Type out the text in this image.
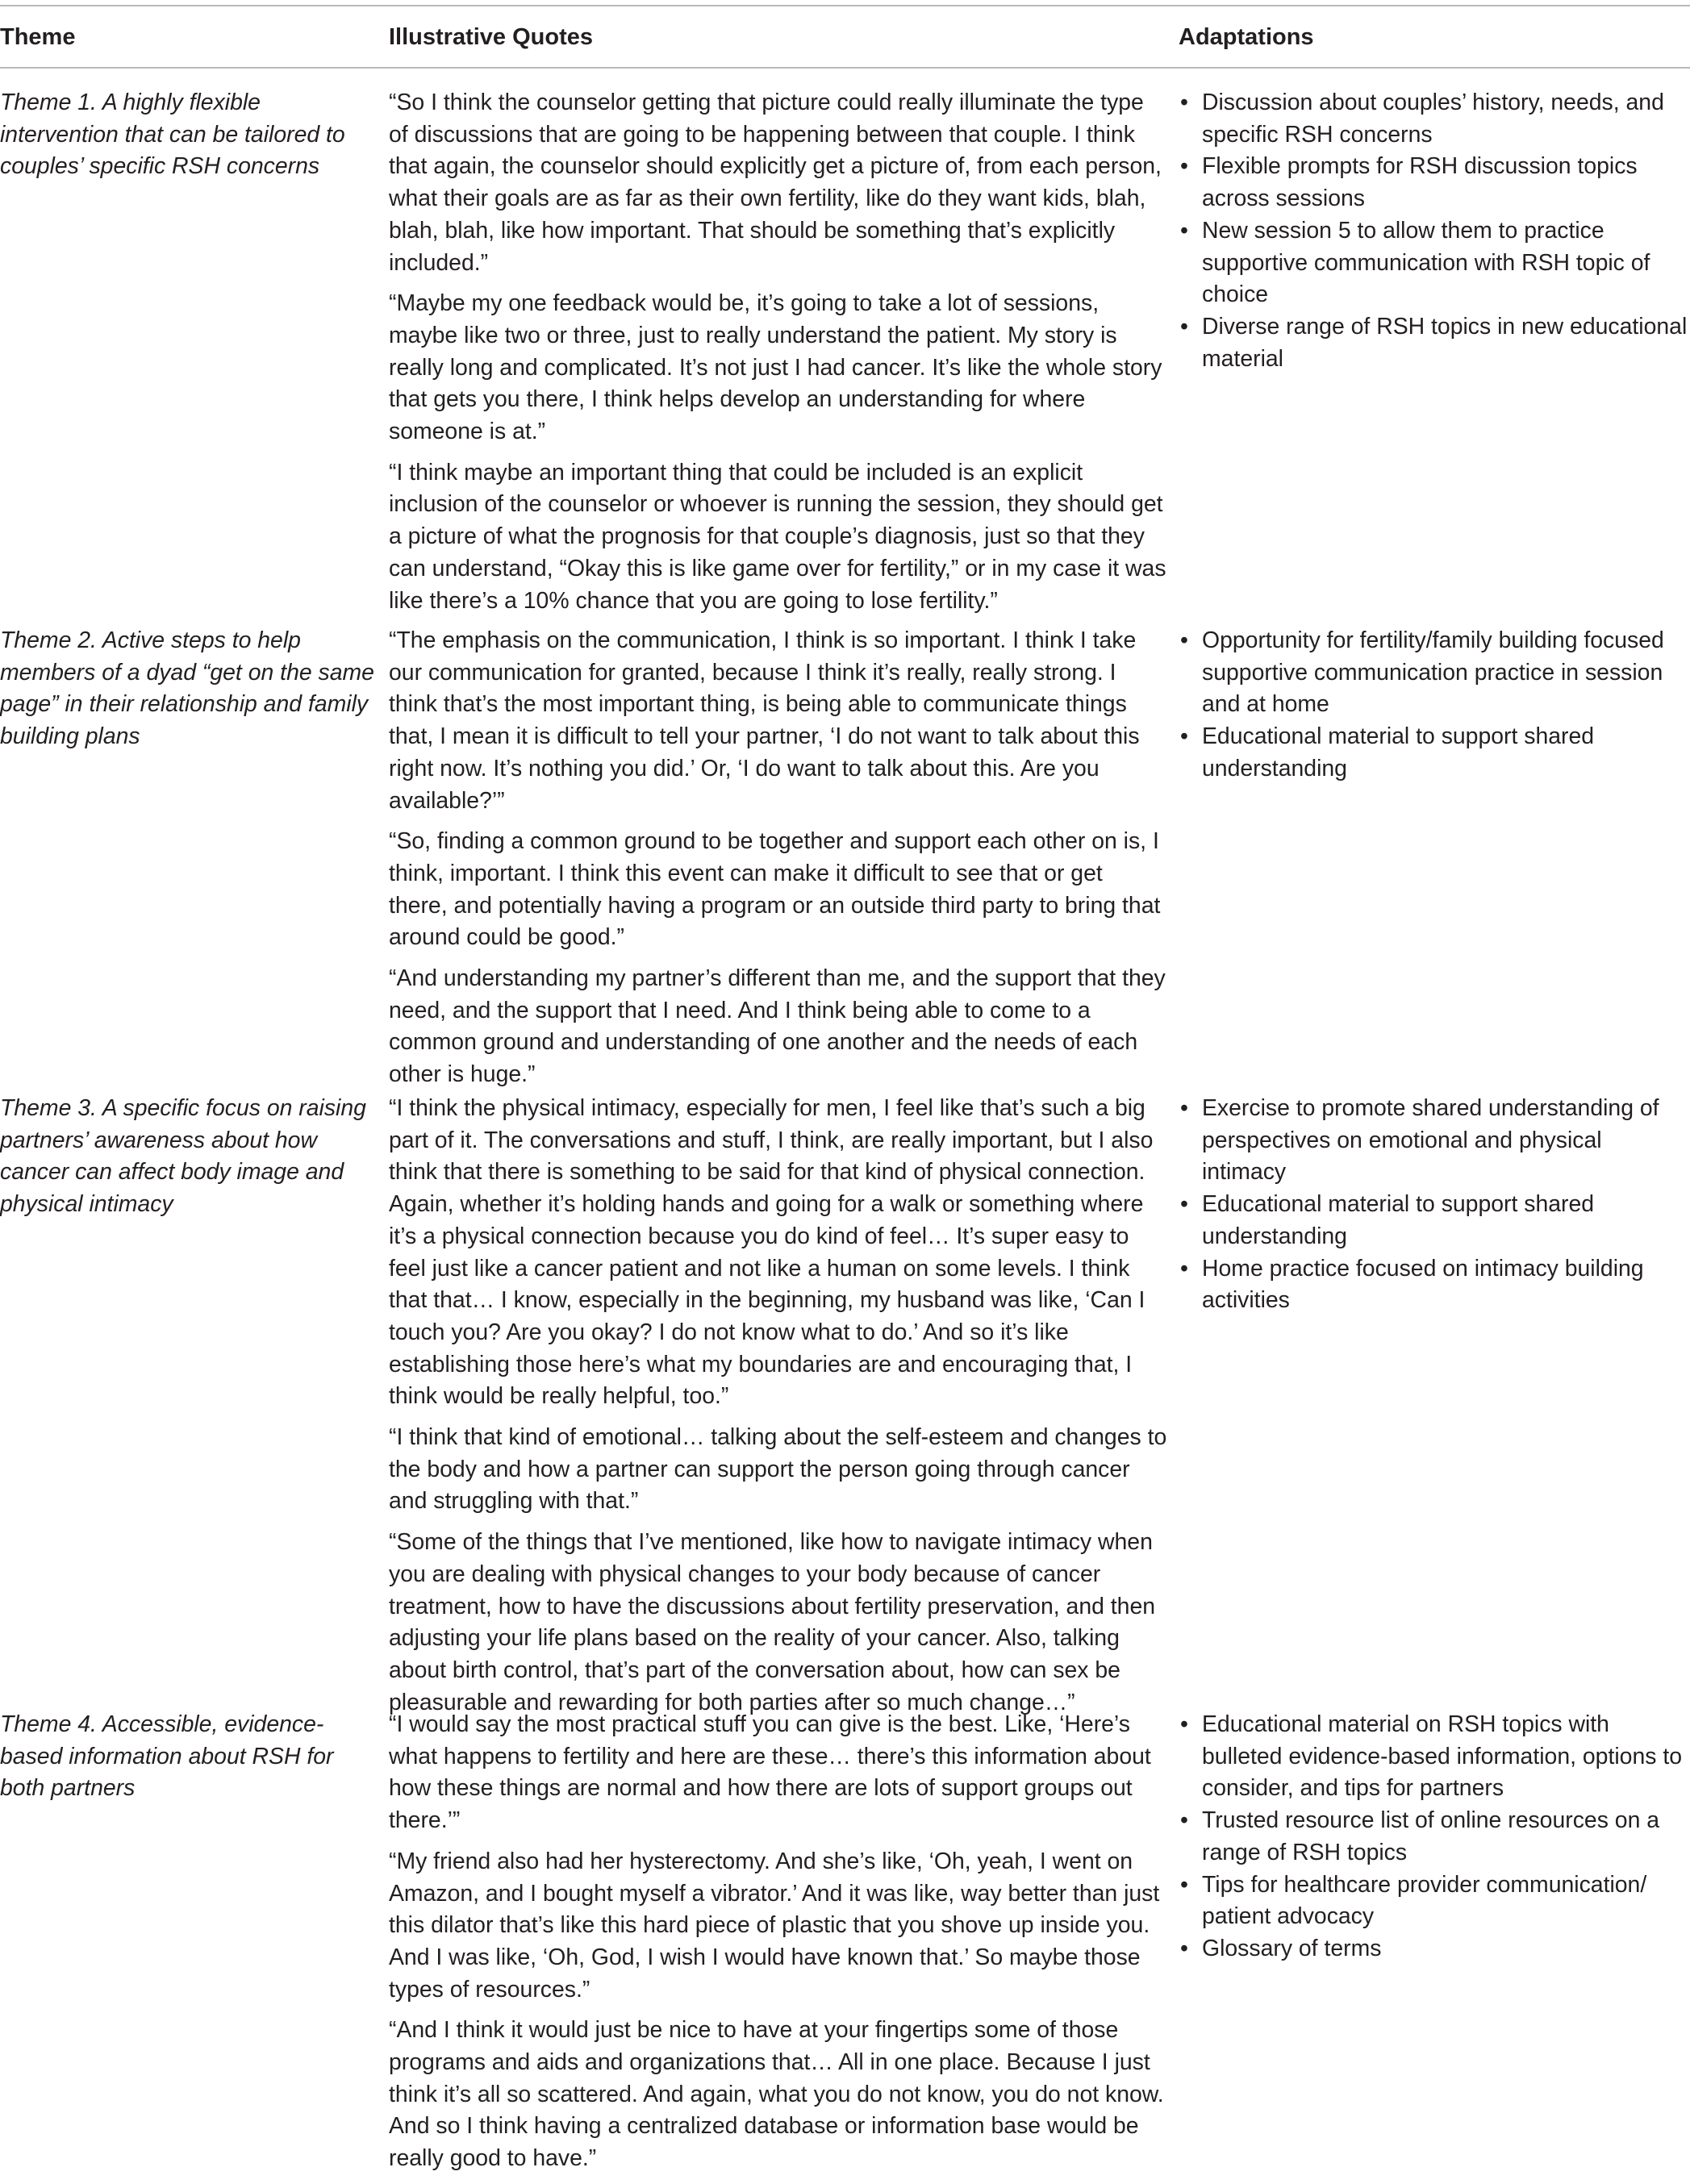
Theme	Illustrative Quotes	Adaptations
Theme 1. A highly flexible intervention that can be tailored to couples’ specific RSH concerns
“So I think the counselor getting that picture could really illuminate the type of discussions that are going to be happening between that couple. I think that again, the counselor should explicitly get a picture of, from each person, what their goals are as far as their own fertility, like do they want kids, blah, blah, blah, like how important. That should be something that’s explicitly included.”
“Maybe my one feedback would be, it’s going to take a lot of sessions, maybe like two or three, just to really understand the patient. My story is really long and complicated. It’s not just I had cancer. It’s like the whole story that gets you there, I think helps develop an understanding for where someone is at.”
“I think maybe an important thing that could be included is an explicit inclusion of the counselor or whoever is running the session, they should get a picture of what the prognosis for that couple’s diagnosis, just so that they can understand, “Okay this is like game over for fertility,” or in my case it was like there’s a 10% chance that you are going to lose fertility.”
• Discussion about couples’ history, needs, and specific RSH concerns
• Flexible prompts for RSH discussion topics across sessions
• New session 5 to allow them to practice supportive communication with RSH topic of choice
• Diverse range of RSH topics in new educational material
Theme 2. Active steps to help members of a dyad “get on the same page” in their relationship and family building plans
“The emphasis on the communication, I think is so important. I think I take our communication for granted, because I think it’s really, really strong. I think that’s the most important thing, is being able to communicate things that, I mean it is difficult to tell your partner, ‘I do not want to talk about this right now. It’s nothing you did.’ Or, ‘I do want to talk about this. Are you available?’”
“So, finding a common ground to be together and support each other on is, I think, important. I think this event can make it difficult to see that or get there, and potentially having a program or an outside third party to bring that around could be good.”
“And understanding my partner’s different than me, and the support that they need, and the support that I need. And I think being able to come to a common ground and understanding of one another and the needs of each other is huge.”
• Opportunity for fertility/family building focused supportive communication practice in session and at home
• Educational material to support shared understanding
Theme 3. A specific focus on raising partners’ awareness about how cancer can affect body image and physical intimacy
“I think the physical intimacy, especially for men, I feel like that’s such a big part of it. The conversations and stuff, I think, are really important, but I also think that there is something to be said for that kind of physical connection. Again, whether it’s holding hands and going for a walk or something where it’s a physical connection because you do kind of feel… It’s super easy to feel just like a cancer patient and not like a human on some levels. I think that that… I know, especially in the beginning, my husband was like, ‘Can I touch you? Are you okay? I do not know what to do.’ And so it’s like establishing those here’s what my boundaries are and encouraging that, I think would be really helpful, too.”
“I think that kind of emotional… talking about the self-esteem and changes to the body and how a partner can support the person going through cancer and struggling with that.”
“Some of the things that I’ve mentioned, like how to navigate intimacy when you are dealing with physical changes to your body because of cancer treatment, how to have the discussions about fertility preservation, and then adjusting your life plans based on the reality of your cancer. Also, talking about birth control, that’s part of the conversation about, how can sex be pleasurable and rewarding for both parties after so much change…”
• Exercise to promote shared understanding of perspectives on emotional and physical intimacy
• Educational material to support shared understanding
• Home practice focused on intimacy building activities
Theme 4. Accessible, evidence-based information about RSH for both partners
“I would say the most practical stuff you can give is the best. Like, ‘Here’s what happens to fertility and here are these… there’s this information about how these things are normal and how there are lots of support groups out there.’”
“My friend also had her hysterectomy. And she’s like, ‘Oh, yeah, I went on Amazon, and I bought myself a vibrator.’ And it was like, way better than just this dilator that’s like this hard piece of plastic that you shove up inside you. And I was like, ‘Oh, God, I wish I would have known that.’ So maybe those types of resources.”
“And I think it would just be nice to have at your fingertips some of those programs and aids and organizations that… All in one place. Because I just think it’s all so scattered. And again, what you do not know, you do not know. And so I think having a centralized database or information base would be really good to have.”
• Educational material on RSH topics with bulleted evidence-based information, options to consider, and tips for partners
• Trusted resource list of online resources on a range of RSH topics
• Tips for healthcare provider communication/ patient advocacy
• Glossary of terms
